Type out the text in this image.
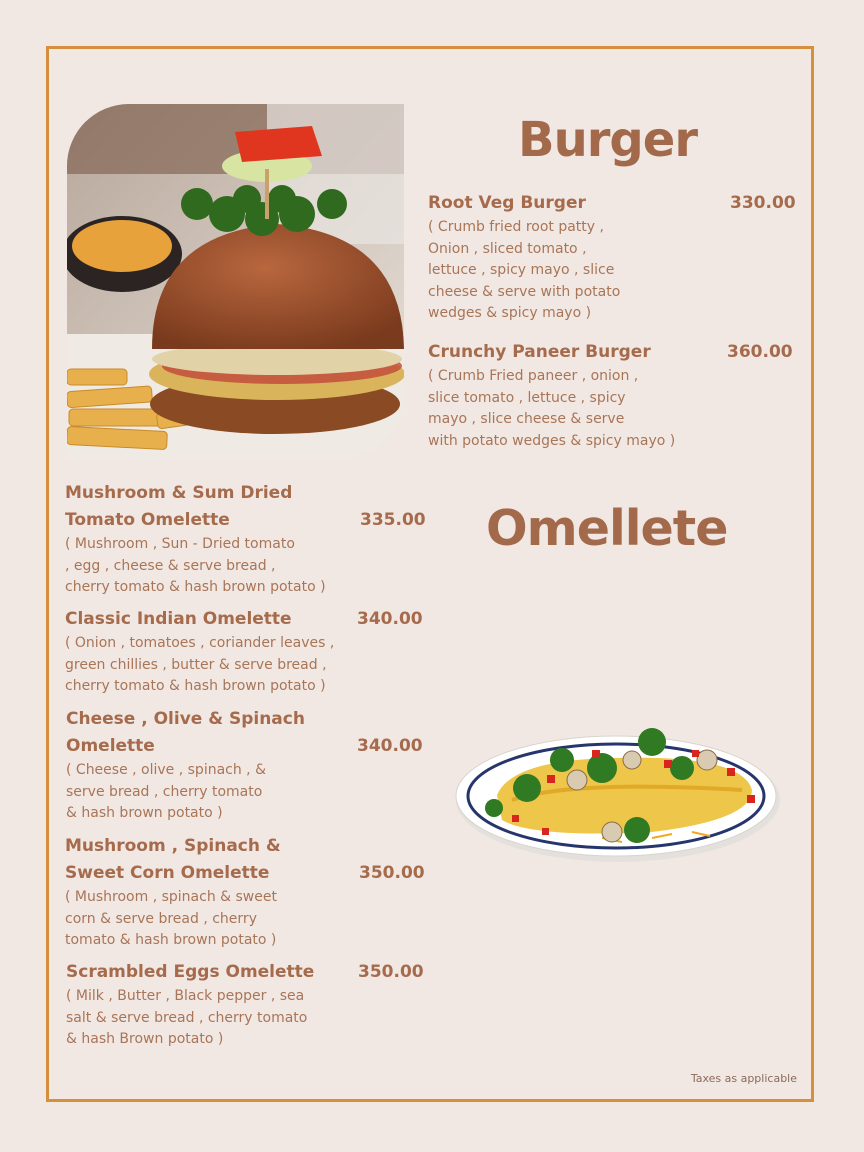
Burger
Root Veg Burger	330.00
( Crumb fried root patty ,
Onion , sliced tomato ,
lettuce , spicy mayo , slice
cheese & serve with potato
wedges & spicy mayo )
Crunchy Paneer Burger	360.00
( Crumb Fried paneer , onion ,
slice tomato , lettuce , spicy
mayo , slice cheese & serve
with potato wedges & spicy mayo )
Omellete
Mushroom & Sum Dried
Tomato Omelette	335.00
( Mushroom , Sun - Dried tomato
, egg , cheese & serve bread ,
cherry tomato & hash brown potato )
Classic Indian Omelette	340.00
( Onion , tomatoes , coriander leaves ,
green chillies , butter & serve bread ,
cherry tomato & hash brown potato )
Cheese , Olive & Spinach
Omelette	340.00
( Cheese , olive , spinach , &
serve bread , cherry tomato
& hash brown potato )
Mushroom , Spinach &
Sweet Corn Omelette	350.00
( Mushroom , spinach & sweet
corn & serve bread , cherry
tomato & hash brown potato )
Scrambled Eggs Omelette	350.00
( Milk , Butter , Black pepper , sea
salt & serve bread , cherry tomato
& hash Brown potato )
Taxes as applicable
